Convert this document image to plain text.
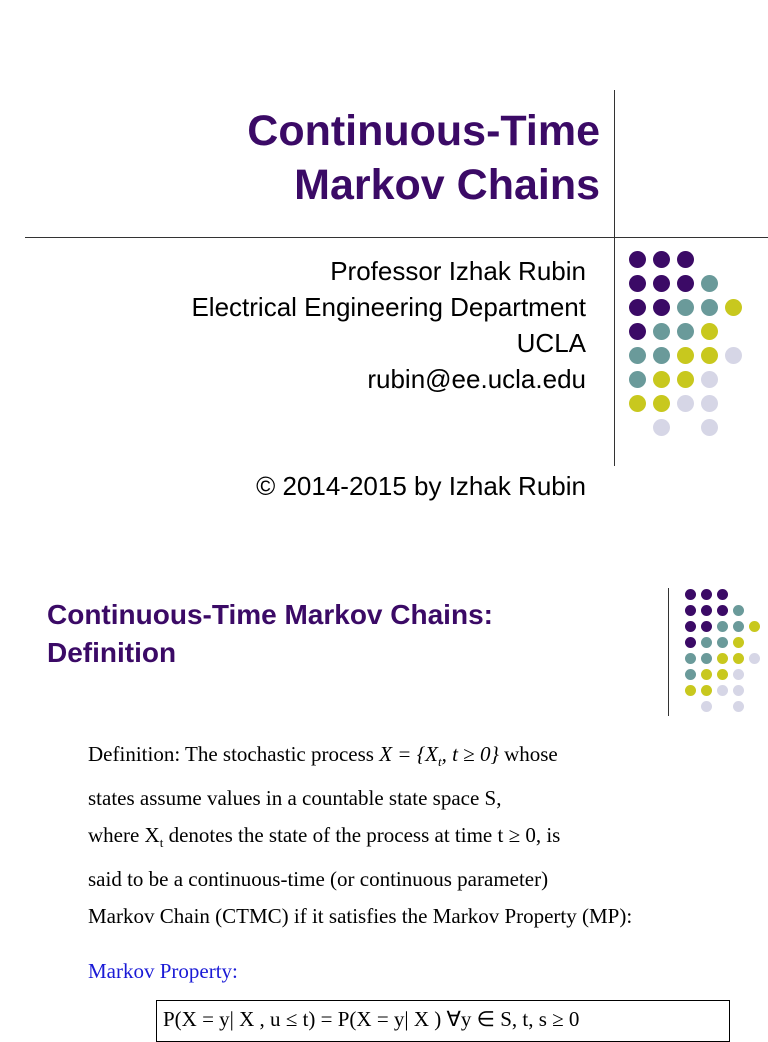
Continuous-Time
Markov Chains
Professor Izhak Rubin
Electrical Engineering Department
UCLA
rubin@ee.ucla.edu
© 2014-2015 by Izhak Rubin
Continuous-Time Markov Chains:
Definition
Definition: The stochastic process $X = \{X_t$, t ≥ 0} whose
states assume values in a countable state space S,
where $X_t$ denotes the state of the process at time t ≥ 0, is
said to be a continuous-time (or continuous parameter)
Markov Chain (CTMC) if it satisfies the Markov Property (MP):
Markov Property:
P(X = y| X , u ≤ t) = P(X = y| X ) ∀y ∈ S, t, s ≥ 0
